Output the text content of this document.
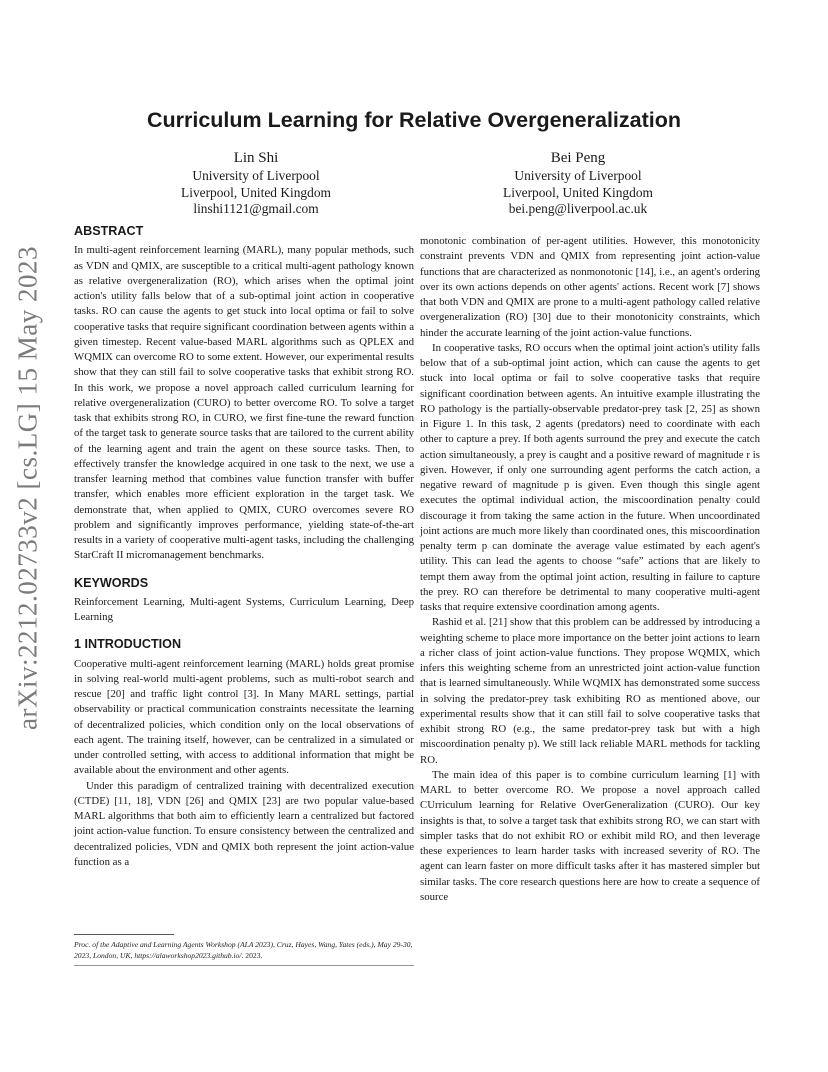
arXiv:2212.02733v2 [cs.LG] 15 May 2023
Curriculum Learning for Relative Overgeneralization
Lin Shi
University of Liverpool
Liverpool, United Kingdom
linshi1121@gmail.com
Bei Peng
University of Liverpool
Liverpool, United Kingdom
bei.peng@liverpool.ac.uk
ABSTRACT

In multi-agent reinforcement learning (MARL), many popular methods, such as VDN and QMIX, are susceptible to a critical multi-agent pathology known as relative overgeneralization (RO), which arises when the optimal joint action's utility falls below that of a sub-optimal joint action in cooperative tasks. RO can cause the agents to get stuck into local optima or fail to solve cooperative tasks that require significant coordination between agents within a given timestep. Recent value-based MARL algorithms such as QPLEX and WQMIX can overcome RO to some extent. However, our experimental results show that they can still fail to solve cooperative tasks that exhibit strong RO. In this work, we propose a novel approach called curriculum learning for relative overgeneralization (CURO) to better overcome RO. To solve a target task that exhibits strong RO, in CURO, we first fine-tune the reward function of the target task to generate source tasks that are tailored to the current ability of the learning agent and train the agent on these source tasks. Then, to effectively transfer the knowledge acquired in one task to the next, we use a transfer learning method that combines value function transfer with buffer transfer, which enables more efficient exploration in the target task. We demonstrate that, when applied to QMIX, CURO overcomes severe RO problem and significantly improves performance, yielding state-of-the-art results in a variety of cooperative multi-agent tasks, including the challenging StarCraft II micromanagement benchmarks.

KEYWORDS

Reinforcement Learning, Multi-agent Systems, Curriculum Learning, Deep Learning

1 INTRODUCTION

Cooperative multi-agent reinforcement learning (MARL) holds great promise in solving real-world multi-agent problems, such as multi-robot search and rescue [20] and traffic light control [3]. In Many MARL settings, partial observability or practical communication constraints necessitate the learning of decentralized policies, which condition only on the local observations of each agent. The training itself, however, can be centralized in a simulated or under controlled setting, with access to additional information that might be available about the environment and other agents.

Under this paradigm of centralized training with decentralized execution (CTDE) [11, 18], VDN [26] and QMIX [23] are two popular value-based MARL algorithms that both aim to efficiently learn a centralized but factored joint action-value function. To ensure consistency between the centralized and decentralized policies, VDN and QMIX both represent the joint action-value function as a

monotonic combination of per-agent utilities. However, this monotonicity constraint prevents VDN and QMIX from representing joint action-value functions that are characterized as nonmonotonic [14], i.e., an agent's ordering over its own actions depends on other agents' actions. Recent work [7] shows that both VDN and QMIX are prone to a multi-agent pathology called relative overgeneralization (RO) [30] due to their monotonicity constraints, which hinder the accurate learning of the joint action-value functions.

In cooperative tasks, RO occurs when the optimal joint action's utility falls below that of a sub-optimal joint action, which can cause the agents to get stuck into local optima or fail to solve cooperative tasks that require significant coordination between agents. An intuitive example illustrating the RO pathology is the partially-observable predator-prey task [2, 25] as shown in Figure 1. In this task, 2 agents (predators) need to coordinate with each other to capture a prey. If both agents surround the prey and execute the catch action simultaneously, a prey is caught and a positive reward of magnitude r is given. However, if only one surrounding agent performs the catch action, a negative reward of magnitude p is given. Even though this single agent executes the optimal individual action, the miscoordination penalty could discourage it from taking the same action in the future. When uncoordinated joint actions are much more likely than coordinated ones, this miscoordination penalty term p can dominate the average value estimated by each agent's utility. This can lead the agents to choose “safe” actions that are likely to tempt them away from the optimal joint action, resulting in failure to capture the prey. RO can therefore be detrimental to many cooperative multi-agent tasks that require extensive coordination among agents.

Rashid et al. [21] show that this problem can be addressed by introducing a weighting scheme to place more importance on the better joint actions to learn a richer class of joint action-value functions. They propose WQMIX, which infers this weighting scheme from an unrestricted joint action-value function that is learned simultaneously. While WQMIX has demonstrated some success in solving the predator-prey task exhibiting RO as mentioned above, our experimental results show that it can still fail to solve cooperative tasks that exhibit strong RO (e.g., the same predator-prey task but with a high miscoordination penalty p). We still lack reliable MARL methods for tackling RO.

The main idea of this paper is to combine curriculum learning [1] with MARL to better overcome RO. We propose a novel approach called CUrriculum learning for Relative OverGeneralization (CURO). Our key insights is that, to solve a target task that exhibits strong RO, we can start with simpler tasks that do not exhibit RO or exhibit mild RO, and then leverage these experiences to learn harder tasks with increased severity of RO. The agent can learn faster on more difficult tasks after it has mastered simpler but similar tasks. The core research questions here are how to create a sequence of source

Proc. of the Adaptive and Learning Agents Workshop (ALA 2023), Cruz, Hayes, Wang, Yates (eds.), May 29-30, 2023, London, UK, https://alaworkshop2023.github.io/. 2023.
